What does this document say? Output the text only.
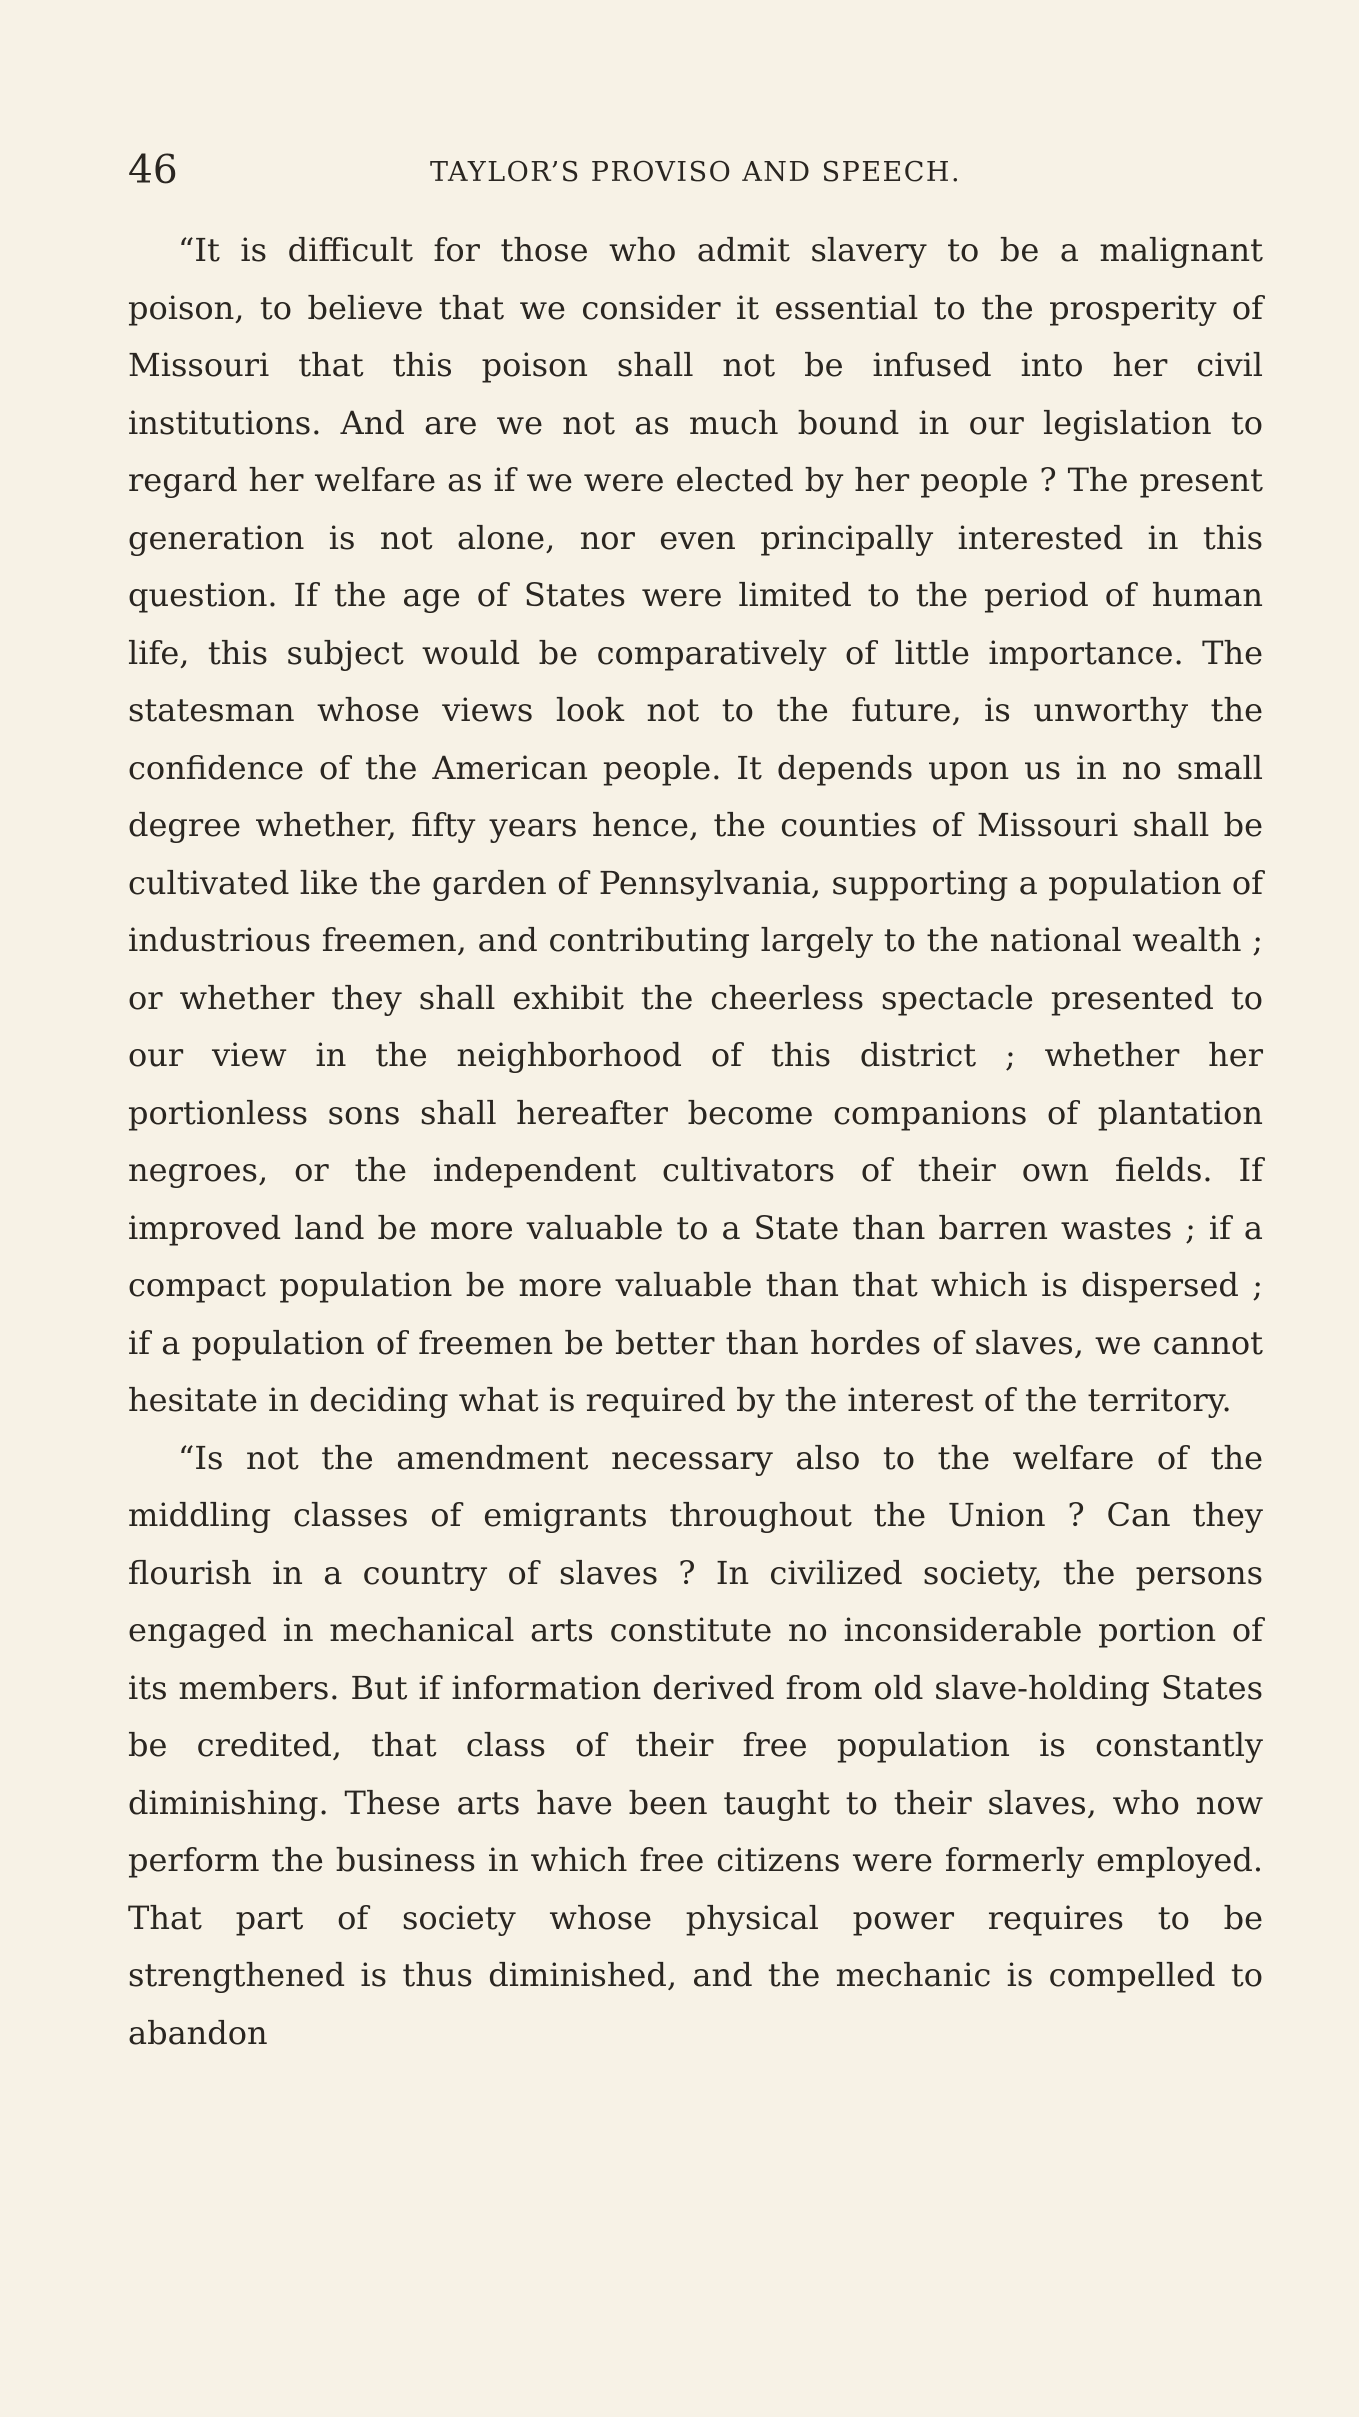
46	TAYLOR’S PROVISO AND SPEECH.

“It is difficult for those who admit slavery to be a malignant poison, to believe that we consider it essential to the prosperity of Missouri that this poison shall not be infused into her civil institutions. And are we not as much bound in our legislation to regard her welfare as if we were elected by her people ? The present generation is not alone, nor even principally interested in this question. If the age of States were limited to the period of human life, this subject would be comparatively of little importance. The statesman whose views look not to the future, is unworthy the confidence of the American people. It depends upon us in no small degree whether, fifty years hence, the counties of Missouri shall be cultivated like the garden of Pennsylvania, supporting a population of industrious freemen, and contributing largely to the national wealth ; or whether they shall exhibit the cheerless spectacle presented to our view in the neighborhood of this district ; whether her portionless sons shall hereafter become companions of plantation negroes, or the independent cultivators of their own fields. If improved land be more valuable to a State than barren wastes ; if a compact population be more valuable than that which is dispersed ; if a population of freemen be better than hordes of slaves, we cannot hesitate in deciding what is required by the interest of the territory.

“Is not the amendment necessary also to the welfare of the middling classes of emigrants throughout the Union ? Can they flourish in a country of slaves ? In civilized society, the persons engaged in mechanical arts constitute no inconsiderable portion of its members. But if information derived from old slave-holding States be credited, that class of their free population is constantly diminishing. These arts have been taught to their slaves, who now perform the business in which free citizens were formerly employed. That part of society whose physical power requires to be strengthened is thus diminished, and the mechanic is compelled to abandon
